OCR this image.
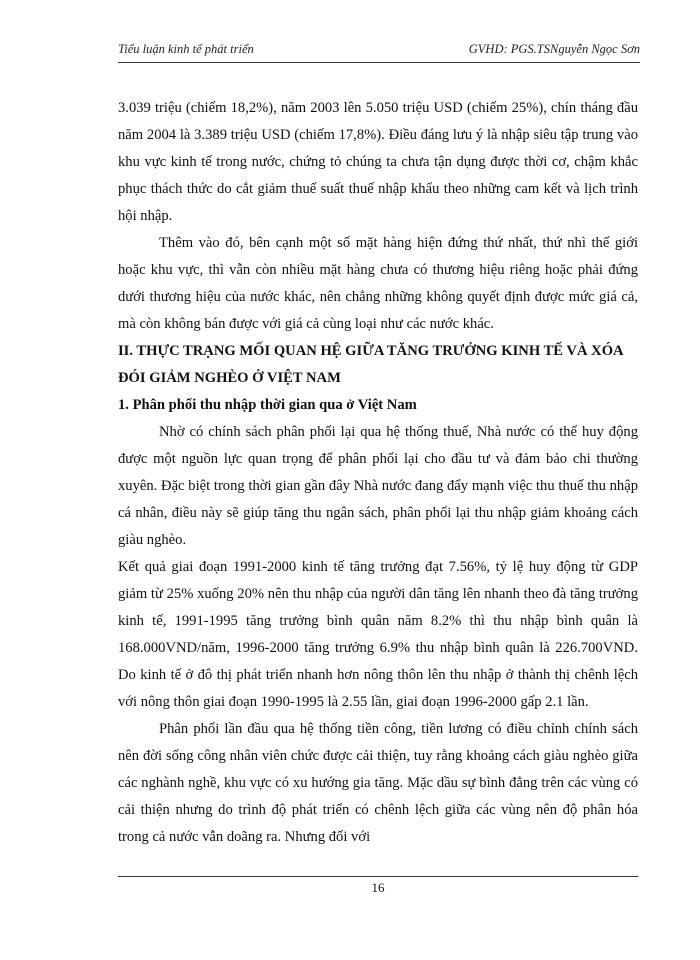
Tiểu luận kinh tế phát triển	GVHD: PGS.TSNguyễn Ngọc Sơn

3.039 triệu (chiếm 18,2%), năm 2003 lên 5.050 triệu USD (chiếm 25%), chín tháng đầu năm 2004 là 3.389 triệu USD (chiếm 17,8%). Điều đáng lưu ý là nhập siêu tập trung vào khu vực kinh tế trong nước, chứng tỏ chúng ta chưa tận dụng được thời cơ, chậm khắc phục thách thức do cắt giảm thuế suất thuế nhập khẩu theo những cam kết và lịch trình hội nhập.

Thêm vào đó, bên cạnh một số mặt hàng hiện đứng thứ nhất, thứ nhì thế giới hoặc khu vực, thì vẫn còn nhiều mặt hàng chưa có thương hiệu riêng hoặc phải đứng dưới thương hiệu của nước khác, nên chẳng những không quyết định được mức giá cả, mà còn không bán được với giá cả cùng loại như các nước khác.

II. THỰC TRẠNG MỐI QUAN HỆ GIỮA TĂNG TRƯỞNG KINH TẾ VÀ XÓA ĐÓI GIẢM NGHÈO Ở VIỆT NAM

1. Phân phối thu nhập thời gian qua ở Việt Nam

Nhờ có chính sách phân phối lại qua hệ thống thuế, Nhà nước có thể huy động được một nguồn lực quan trọng để phân phối lại cho đầu tư và đảm bảo chi thường xuyên. Đặc biệt trong thời gian gần đây Nhà nước đang đẩy mạnh việc thu thuế thu nhập cá nhân, điều này sẽ giúp tăng thu ngân sách, phân phối lại thu nhập giảm khoảng cách giàu nghèo.

Kết quả giai đoạn 1991-2000 kinh tế tăng trưởng đạt 7.56%, tỷ lệ huy động từ GDP giảm từ 25% xuống 20% nên thu nhập của người dân tăng lên nhanh theo đà tăng trưởng kinh tế, 1991-1995 tăng trưởng bình quân năm 8.2% thì thu nhập bình quân là 168.000VND/năm, 1996-2000 tăng trưởng 6.9% thu nhập bình quân là 226.700VND. Do kinh tế ở đô thị phát triển nhanh hơn nông thôn lên thu nhập ở thành thị chênh lệch với nông thôn giai đoạn 1990-1995 là 2.55 lần, giai đoạn 1996-2000 gấp 2.1 lần.

Phân phối lần đầu qua hệ thống tiền công, tiền lương có điều chỉnh chính sách nên đời sống công nhân viên chức được cải thiện, tuy rằng khoảng cách giàu nghèo giữa các nghành nghề, khu vực có xu hướng gia tăng. Mặc dầu sự bình đẳng trên các vùng có cải thiện nhưng do trình độ phát triển có chênh lệch giữa các vùng nên độ phân hóa trong cả nước vẫn doãng ra. Nhưng đối với

16
